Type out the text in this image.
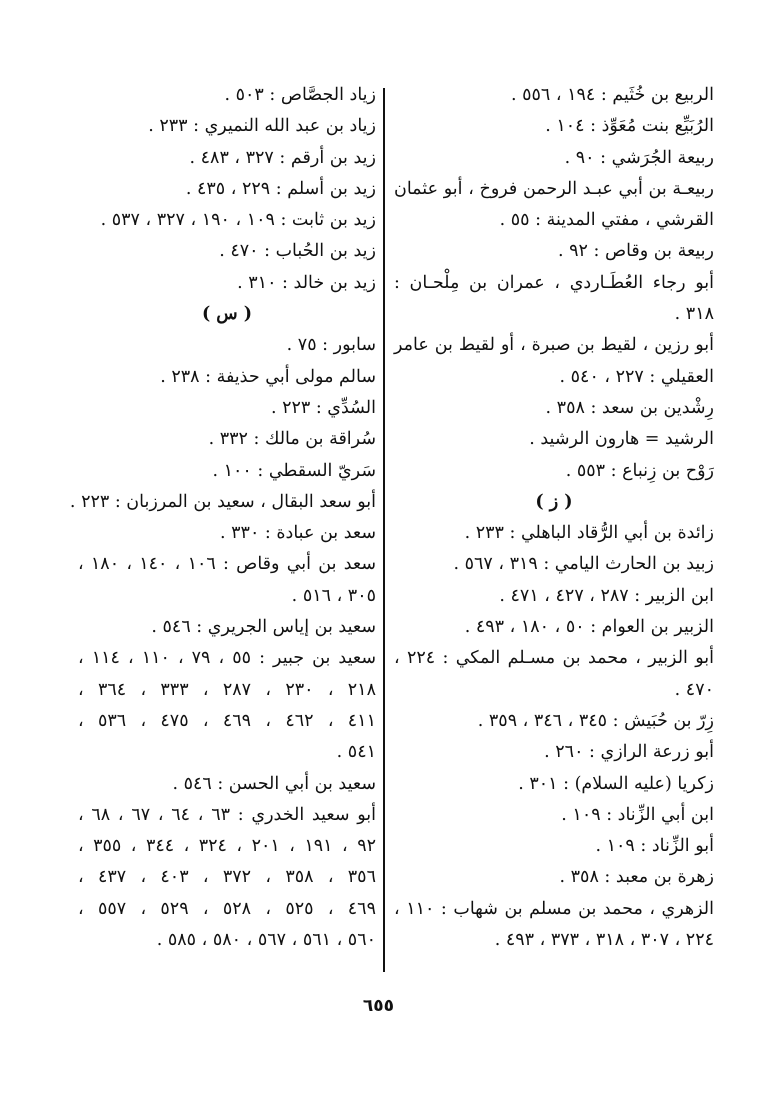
الربيع بن خُثَيم : ١٩٤ ، ٥٥٦ .
الرُبَيِّع بنت مُعَوِّذ : ١٠٤ .
ربيعة الجُرَشي : ٩٠ .
ربيعـة بن أبي عبـد الرحمن فروخ ، أبو عثمان
القرشي ، مفتي المدينة : ٥٥ .
ربيعة بن وقاص : ٩٢ .
أبو رجاء العُطَـاردي ، عمران بن مِلْحـان :
٣١٨ .
أبو رزين ، لقيط بن صبرة ، أو لقيط بن عامر
العقيلي : ٢٢٧ ، ٥٤٠ .
رِشْدين بن سعد : ٣٥٨ .
الرشيد = هارون الرشيد .
رَوْح بن زِنباع : ٥٥٣ .
( ز )
زائدة بن أبي الرُّقاد الباهلي : ٢٣٣ .
زبيد بن الحارث اليامي : ٣١٩ ، ٥٦٧ .
ابن الزبير : ٢٨٧ ، ٤٢٧ ، ٤٧١ .
الزبير بن العوام : ٥٠ ، ١٨٠ ، ٤٩٣ .
أبو الزبير ، محمد بن مسـلم المكي : ٢٢٤ ،
٤٧٠ .
زِرّ بن حُبَيش : ٣٤٥ ، ٣٤٦ ، ٣٥٩ .
أبو زرعة الرازي : ٢٦٠ .
زكريا (عليه السلام) : ٣٠١ .
ابن أبي الزِّناد : ١٠٩ .
أبو الزِّناد : ١٠٩ .
زهرة بن معبد : ٣٥٨ .
الزهري ، محمد بن مسلم بن شهاب : ١١٠ ،
٢٢٤ ، ٣٠٧ ، ٣١٨ ، ٣٧٣ ، ٤٩٣ .
زياد الجصَّاص : ٥٠٣ .
زياد بن عبد الله النميري : ٢٣٣ .
زيد بن أرقم : ٣٢٧ ، ٤٨٣ .
زيد بن أسلم : ٢٢٩ ، ٤٣٥ .
زيد بن ثابت : ١٠٩ ، ١٩٠ ، ٣٢٧ ، ٥٣٧ .
زيد بن الحُباب : ٤٧٠ .
زيد بن خالد : ٣١٠ .
( س )
سابور : ٧٥ .
سالم مولى أبي حذيفة : ٢٣٨ .
السُدِّي : ٢٢٣ .
سُراقة بن مالك : ٣٣٢ .
سَريّ السقطي : ١٠٠ .
أبو سعد البقال ، سعيد بن المرزبان : ٢٢٣ .
سعد بن عبادة : ٣٣٠ .
سعد بن أبي وقاص : ١٠٦ ، ١٤٠ ، ١٨٠ ،
٣٠٥ ، ٥١٦ .
سعيد بن إياس الجريري : ٥٤٦ .
سعيد بن جبير : ٥٥ ، ٧٩ ، ١١٠ ، ١١٤ ،
٢١٨ ، ٢٣٠ ، ٢٨٧ ، ٣٣٣ ، ٣٦٤ ،
٤١١ ، ٤٦٢ ، ٤٦٩ ، ٤٧٥ ، ٥٣٦ ،
٥٤١ .
سعيد بن أبي الحسن : ٥٤٦ .
أبو سعيد الخدري : ٦٣ ، ٦٤ ، ٦٧ ، ٦٨ ،
٩٢ ، ١٩١ ، ٢٠١ ، ٣٢٤ ، ٣٤٤ ، ٣٥٥ ،
٣٥٦ ، ٣٥٨ ، ٣٧٢ ، ٤٠٣ ، ٤٣٧ ،
٤٦٩ ، ٥٢٥ ، ٥٢٨ ، ٥٢٩ ، ٥٥٧ ،
٥٦٠ ، ٥٦١ ، ٥٦٧ ، ٥٨٠ ، ٥٨٥ .
٦٥٥
